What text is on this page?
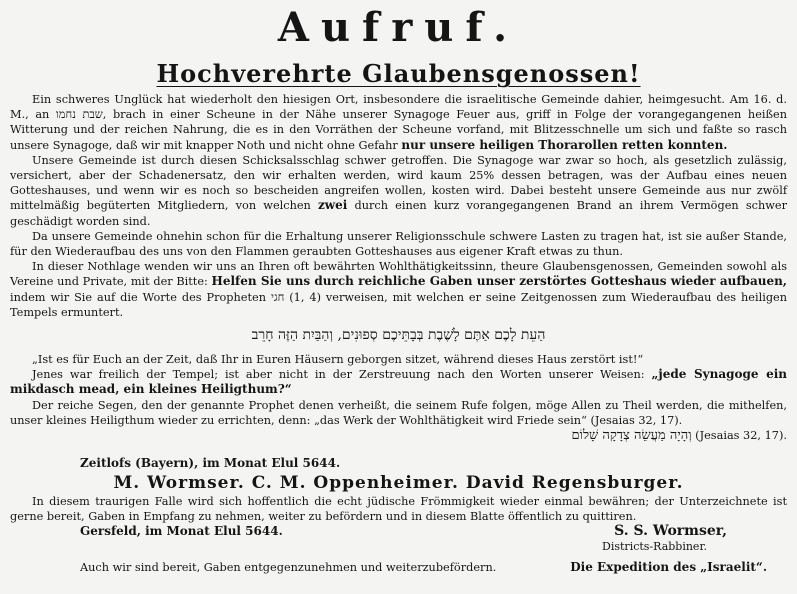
Aufruf.
Hochverehrte Glaubensgenossen!

Ein schweres Unglück hat wiederholt den hiesigen Ort, insbesondere die israelitische Gemeinde dahier, heimgesucht. Am 16. d. M., an שבת נחמו, brach in einer Scheune in der Nähe unserer Synagoge Feuer aus, griff in Folge der vorangegangenen heißen Witterung und der reichen Nahrung, die es in den Vorräthen der Scheune vorfand, mit Blitzesschnelle um sich und faßte so rasch unsere Synagoge, daß wir mit knapper Noth und nicht ohne Gefahr nur unsere heiligen Thorarollen retten konnten.

Unsere Gemeinde ist durch diesen Schicksalsschlag schwer getroffen. Die Synagoge war zwar so hoch, als gesetzlich zulässig, versichert, aber der Schadenersatz, den wir erhalten werden, wird kaum 25% dessen betragen, was der Aufbau eines neuen Gotteshauses, und wenn wir es noch so bescheiden angreifen wollen, kosten wird. Dabei besteht unsere Gemeinde aus nur zwölf mittelmäßig begüterten Mitgliedern, von welchen zwei durch einen kurz vorangegangenen Brand an ihrem Vermögen schwer geschädigt worden sind.

Da unsere Gemeinde ohnehin schon für die Erhaltung unserer Religionsschule schwere Lasten zu tragen hat, ist sie außer Stande, für den Wiederaufbau des uns von den Flammen geraubten Gotteshauses aus eigener Kraft etwas zu thun.

In dieser Nothlage wenden wir uns an Ihren oft bewährten Wohlthätigkeitssinn, theure Glaubensgenossen, Gemeinden sowohl als Vereine und Private, mit der Bitte: Helfen Sie uns durch reichliche Gaben unser zerstörtes Gotteshaus wieder aufbauen, indem wir Sie auf die Worte des Propheten חגי (1, 4) verweisen, mit welchen er seine Zeitgenossen zum Wiederaufbau des heiligen Tempels ermuntert.

הַעֵת לָכֶם אַתֶּם לָשֶׁבֶת בְּבָתֵּיכֶם סְפוּנִים, וְהַבַּיִת הַזֶּה חָרֵב

„Ist es für Euch an der Zeit, daß Ihr in Euren Häusern geborgen sitzet, während dieses Haus zerstört ist!“

Jenes war freilich der Tempel; ist aber nicht in der Zerstreuung nach den Worten unserer Weisen: „jede Synagoge ein mikdasch mead, ein kleines Heiligthum?“

Der reiche Segen, den der genannte Prophet denen verheißt, die seinem Rufe folgen, möge Allen zu Theil werden, die mithelfen, unser kleines Heiligthum wieder zu errichten, denn: „das Werk der Wohlthätigkeit wird Friede sein“ (Jesaias 32, 17).

וְהָיָה מַעֲשֵׂה צְדָקָה שָׁלוֹם (Jesaias 32, 17).
Zeitlofs (Bayern), im Monat Elul 5644.
M. Wormser. C. M. Oppenheimer. David Regensburger.

In diesem traurigen Falle wird sich hoffentlich die echt jüdische Frömmigkeit wieder einmal bewähren; der Unterzeichnete ist gerne bereit, Gaben in Empfang zu nehmen, weiter zu befördern und in diesem Blatte öffentlich zu quittiren.

Gersfeld, im Monat Elul 5644.	S. S. Wormser,
Districts-Rabbiner.
Auch wir sind bereit, Gaben entgegenzunehmen und weiterzubefördern.	Die Expedition des „Israelit“.
